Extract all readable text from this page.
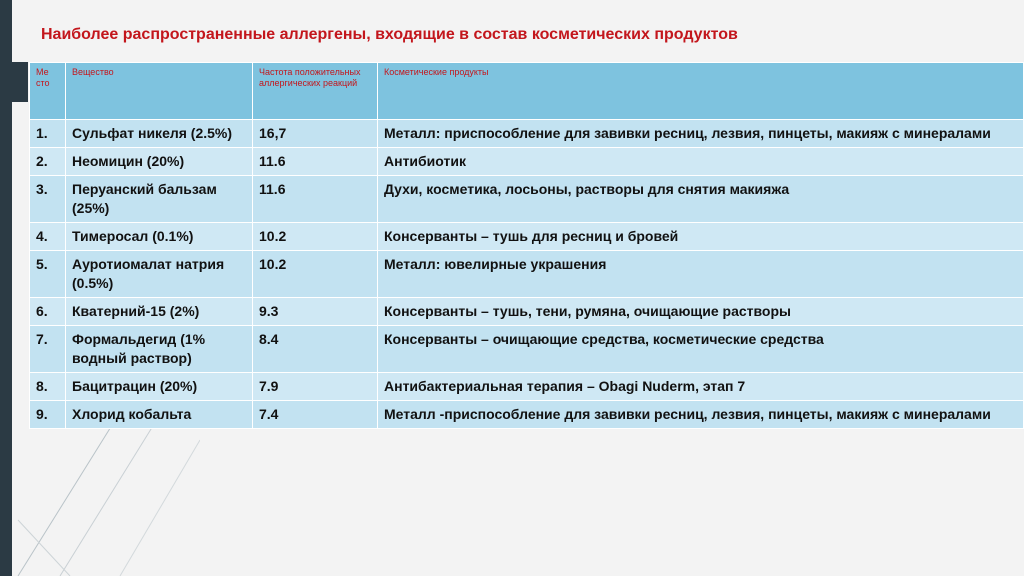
Наиболее распространенные аллергены, входящие в состав косметических продуктов
Ме сто	Вещество	Частота положительных аллергических реакций	Косметические продукты
1.	Сульфат никеля (2.5%)	16,7	Металл: приспособление для завивки ресниц, лезвия, пинцеты, макияж с минералами
2.	Неомицин (20%)	11.6	Антибиотик
3.	Перуанский бальзам (25%)	11.6	Духи, косметика, лосьоны, растворы для снятия макияжа
4.	Тимеросал (0.1%)	10.2	Консерванты – тушь для ресниц и бровей
5.	Ауротиомалат натрия (0.5%)	10.2	Металл: ювелирные украшения
6.	Кватерний-15 (2%)	9.3	Консерванты – тушь, тени, румяна, очищающие растворы
7.	Формальдегид (1% водный раствор)	8.4	Консерванты – очищающие средства, косметические средства
8.	Бацитрацин (20%)	7.9	Антибактериальная терапия – Obagi Nuderm, этап 7
9.	Хлорид кобальта	7.4	Металл -приспособление для завивки ресниц, лезвия, пинцеты, макияж с минералами
